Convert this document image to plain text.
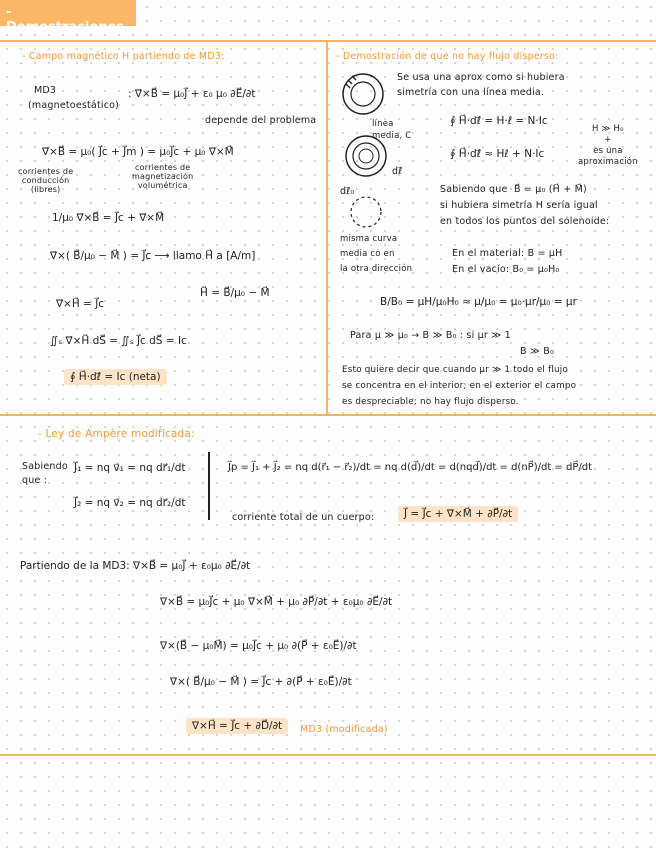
- Demostraciones
- Campo magnético H partiendo de MD3:
MD3
(magnetoestático)
: ∇⃗×B⃗ = μ₀J⃗ + ε₀ μ₀ ∂E⃗/∂t
depende del problema
∇⃗×B⃗ = μ₀( J⃗c + J⃗m ) = μ₀J⃗c + μ₀ ∇⃗×M⃗
corrientes de
conducción
(libres)
corrientes de
magnetización
volumétrica
1/μ₀ ∇⃗×B⃗ = J⃗c + ∇⃗×M⃗
∇⃗×( B⃗/μ₀ − M⃗ ) = J⃗c ⟶ llamo H⃗ a [A/m]
H⃗ = B⃗/μ₀ − M⃗
∇⃗×H⃗ = J⃗c
∬ₛ ∇⃗×H⃗ dS⃗ = ∬ₛ J⃗c dS⃗ = Ic
∮ H⃗·dℓ⃗ = Ic (neta)
- Demostración de que no hay flujo disperso:
Se usa una aprox como si hubiera
simetría con una línea media.
línea
media, C
dℓ⃗
∮ H⃗·dℓ⃗ = H·ℓ = N·Ic
∮ H⃗·dℓ⃗ ≈ Hℓ + N·Ic
H ≫ H₀
+
es una
aproximación
dℓ⃗₀
misma curva
media co en
la otra dirección
Sabiendo que  B⃗ = μ₀ (H⃗ + M⃗)
si hubiera simetría H sería igual
en todos los puntos del solenoide:
En el material: B = μH
En el vacío: B₀ = μ₀H₀
B/B₀ = μH/μ₀H₀ ≈ μ/μ₀ = μ₀·μr/μ₀ = μr
Para μ ≫ μ₀ → B ≫ B₀ : si μr ≫ 1
B ≫ B₀
Esto quiere decir que cuando μr ≫ 1 todo el flujo
se concentra en el interior; en el exterior el campo
es despreciable; no hay flujo disperso.
- Ley de Ampère modificada:
Sabiendo
que :
J⃗₁ = nq v⃗₁ = nq dr⃗₁/dt
J⃗₂ = nq v⃗₂ = nq dr⃗₂/dt
J⃗p = J⃗₁ + J⃗₂ = nq d(r⃗₁ − r⃗₂)/dt = nq d(d⃗)/dt = d(nqd⃗)/dt = d(nP⃗)/dt = dP⃗/dt
corriente total de un cuerpo:	J⃗ = J⃗c + ∇⃗×M⃗ + ∂P⃗/∂t
Partiendo de la MD3: ∇×B⃗ = μ₀J⃗ + ε₀μ₀ ∂E⃗/∂t
∇×B⃗ = μ₀J⃗c + μ₀ ∇⃗×M⃗ + μ₀ ∂P⃗/∂t + ε₀μ₀ ∂E⃗/∂t
∇×(B⃗ − μ₀M⃗) = μ₀J⃗c + μ₀ ∂(P⃗ + ε₀E⃗)/∂t
∇×( B⃗/μ₀ − M⃗ ) = J⃗c + ∂(P⃗ + ε₀E⃗)/∂t
∇×H⃗ = J⃗c + ∂D⃗/∂t	MD3 (modificada)
